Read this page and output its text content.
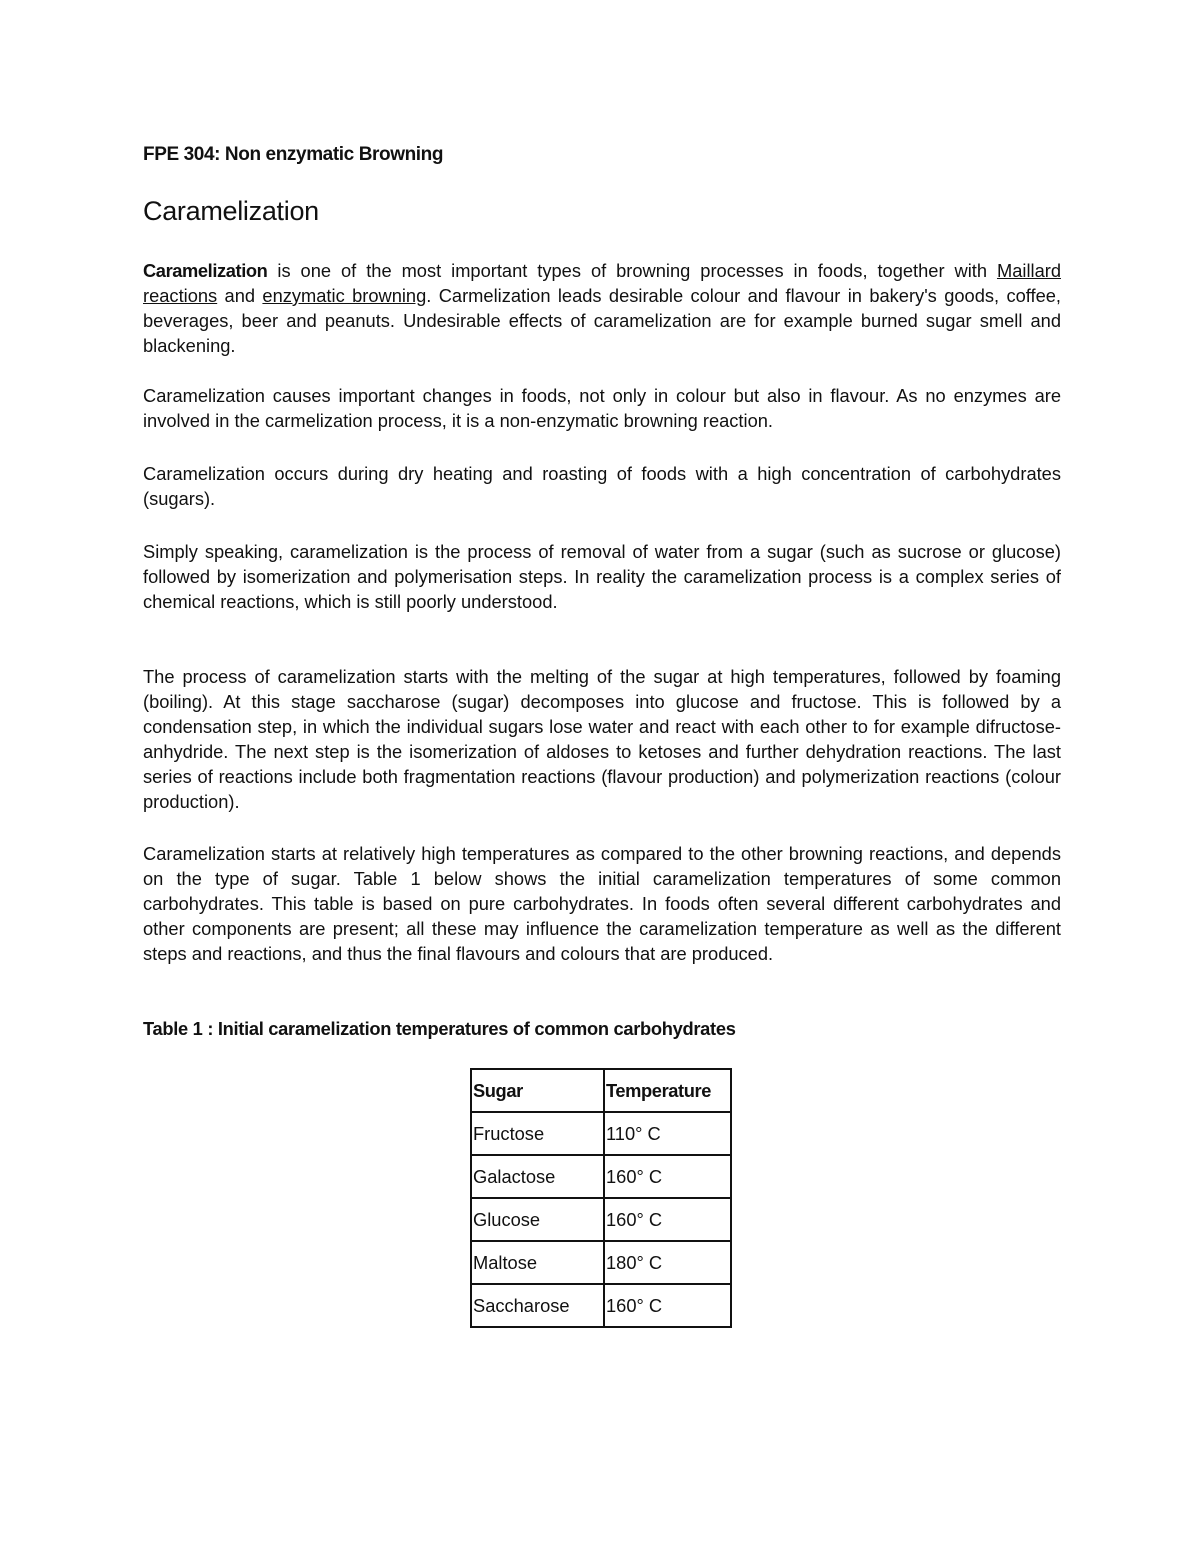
FPE 304: Non enzymatic Browning
Caramelization

Caramelization is one of the most important types of browning processes in foods, together with Maillard reactions and enzymatic browning. Carmelization leads desirable colour and flavour in bakery's goods, coffee, beverages, beer and peanuts. Undesirable effects of caramelization are for example burned sugar smell and blackening.

Caramelization causes important changes in foods, not only in colour but also in flavour. As no enzymes are involved in the carmelization process, it is a non-enzymatic browning reaction.

Caramelization occurs during dry heating and roasting of foods with a high concentration of carbohydrates (sugars).

Simply speaking, caramelization is the process of removal of water from a sugar (such as sucrose or glucose) followed by isomerization and polymerisation steps. In reality the caramelization process is a complex series of chemical reactions, which is still poorly understood.

The process of caramelization starts with the melting of the sugar at high temperatures, followed by foaming (boiling). At this stage saccharose (sugar) decomposes into glucose and fructose. This is followed by a condensation step, in which the individual sugars lose water and react with each other to for example difructose-anhydride. The next step is the isomerization of aldoses to ketoses and further dehydration reactions. The last series of reactions include both fragmentation reactions (flavour production) and polymerization reactions (colour production).

Caramelization starts at relatively high temperatures as compared to the other browning reactions, and depends on the type of sugar. Table 1 below shows the initial caramelization temperatures of some common carbohydrates. This table is based on pure carbohydrates. In foods often several different carbohydrates and other components are present; all these may influence the caramelization temperature as well as the different steps and reactions, and thus the final flavours and colours that are produced.

Table 1 : Initial caramelization temperatures of common carbohydrates

Sugar	Temperature
Fructose	110° C
Galactose	160° C
Glucose	160° C
Maltose	180° C
Saccharose	160° C
